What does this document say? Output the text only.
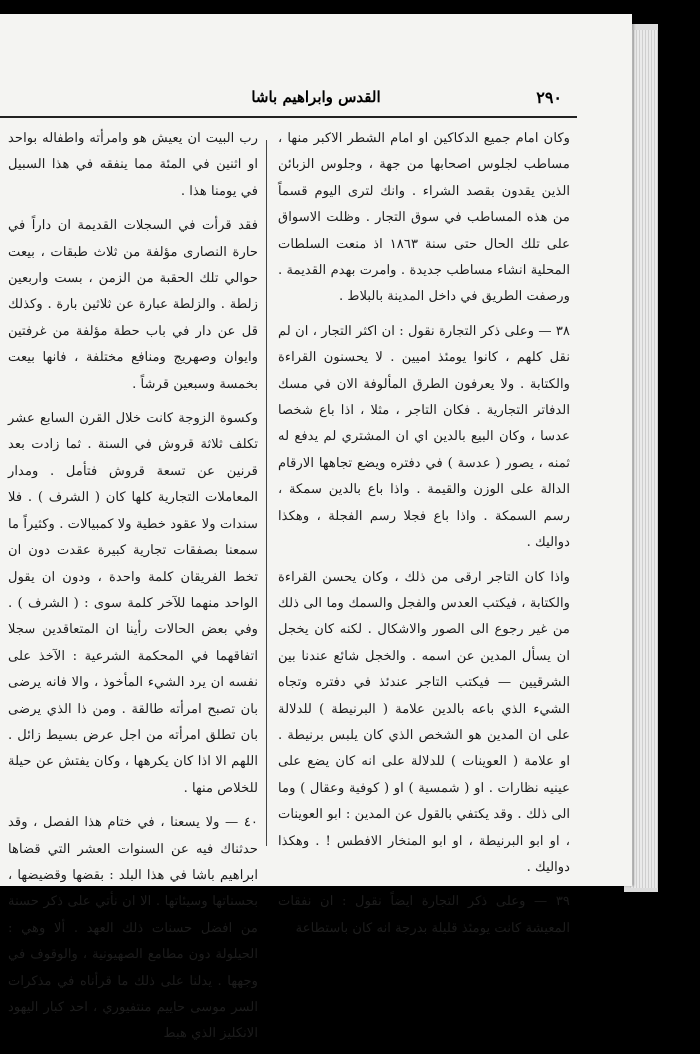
٢٩٠
القدس وابراهيم باشا

وكان امام جميع الدكاكين او امام الشطر الاكبر منها ، مساطب لجلوس اصحابها من جهة ، وجلوس الزبائن الذين يقدون بقصد الشراء . وانك لترى اليوم قسماً من هذه المساطب في سوق التجار . وظلت الاسواق على تلك الحال حتى سنة ١٨٦٣ اذ منعت السلطات المحلية انشاء مساطب جديدة . وامرت بهدم القديمة . ورصفت الطريق في داخل المدينة بالبلاط .

٣٨ — وعلى ذكر التجارة نقول : ان اكثر التجار ، ان لم نقل كلهم ، كانوا يومئذ اميين . لا يحسنون القراءة والكتابة . ولا يعرفون الطرق المألوفة الان في مسك الدفاتر التجارية . فكان التاجر ، مثلا ، اذا باع شخصا عدسا ، وكان البيع بالدين اي ان المشتري لم يدفع له ثمنه ، يصور ( عدسة ) في دفتره ويضع تجاهها الارقام الدالة على الوزن والقيمة . واذا باع بالدين سمكة ، رسم السمكة . واذا باع فجلا رسم الفجلة ، وهكذا دواليك .

واذا كان التاجر ارقى من ذلك ، وكان يحسن القراءة والكتابة ، فيكتب العدس والفجل والسمك وما الى ذلك من غير رجوع الى الصور والاشكال . لكنه كان يخجل ان يسأل المدين عن اسمه . والخجل شائع عندنا بين الشرقيين — فيكتب التاجر عندئذ في دفتره وتجاه الشيء الذي باعه بالدين علامة ( البرنيطة ) للدلالة على ان المدين هو الشخص الذي كان يلبس برنيطة . او علامة ( العوينات ) للدلالة على انه كان يضع على عينيه نظارات . او ( شمسية ) او ( كوفية وعقال ) وما الى ذلك . وقد يكتفي بالقول عن المدين : ابو العوينات ، او ابو البرنيطة ، او ابو المنخار الافطس ! . وهكذا دواليك .

٣٩ — وعلى ذكر التجارة ايضاً نقول : ان نفقات المعيشة كانت يومئذ قليلة بدرجة انه كان باستطاعة

رب البيت ان يعيش هو وامرأته واطفاله بواحد او اثنين في المئة مما ينفقه في هذا السبيل في يومنا هذا .

فقد قرأت في السجلات القديمة ان داراً في حارة النصارى مؤلفة من ثلاث طبقات ، بيعت حوالي تلك الحقبة من الزمن ، بست واربعين زلطة . والزلطة عبارة عن ثلاثين بارة . وكذلك قل عن دار في باب حطة مؤلفة من غرفتين وايوان وصهريج ومنافع مختلفة ، فانها بيعت بخمسة وسبعين قرشاً .

وكسوة الزوجة كانت خلال القرن السابع عشر تكلف ثلاثة قروش في السنة . ثما زادت بعد قرنين عن تسعة قروش فتأمل . ومدار المعاملات التجارية كلها كان ( الشرف ) . فلا سندات ولا عقود خطية ولا كمبيالات . وكثيراً ما سمعنا بصفقات تجارية كبيرة عقدت دون ان تخط الفريقان كلمة واحدة ، ودون ان يقول الواحد منهما للآخر كلمة سوى : ( الشرف ) . وفي بعض الحالات رأينا ان المتعاقدين سجلا اتفاقهما في المحكمة الشرعية : الآخذ على نفسه ان يرد الشيء المأخوذ ، والا فانه يرضى بان تصبح امرأته طالقة . ومن ذا الذي يرضى بان تطلق امرأته من اجل عرض بسيط زائل . اللهم الا اذا كان يكرهها ، وكان يفتش عن حيلة للخلاص منها .

٤٠ — ولا يسعنا ، في ختام هذا الفصل ، وقد حدثناك فيه عن السنوات العشر التي قضاها ابراهيم باشا في هذا البلد : بقضها وقضيضها ، بحسناتها وسيئاتها . الا ان نأتي على ذكر حسنة من افضل حسنات ذلك العهد . ألا وهي : الحيلولة دون مطامع الصهيونية ، والوقوف في وجهها . يدلنا على ذلك ما قرأناه في مذكرات السر موسى حاييم منتفيوري ، احد كبار اليهود الانكليز الذي هبط
